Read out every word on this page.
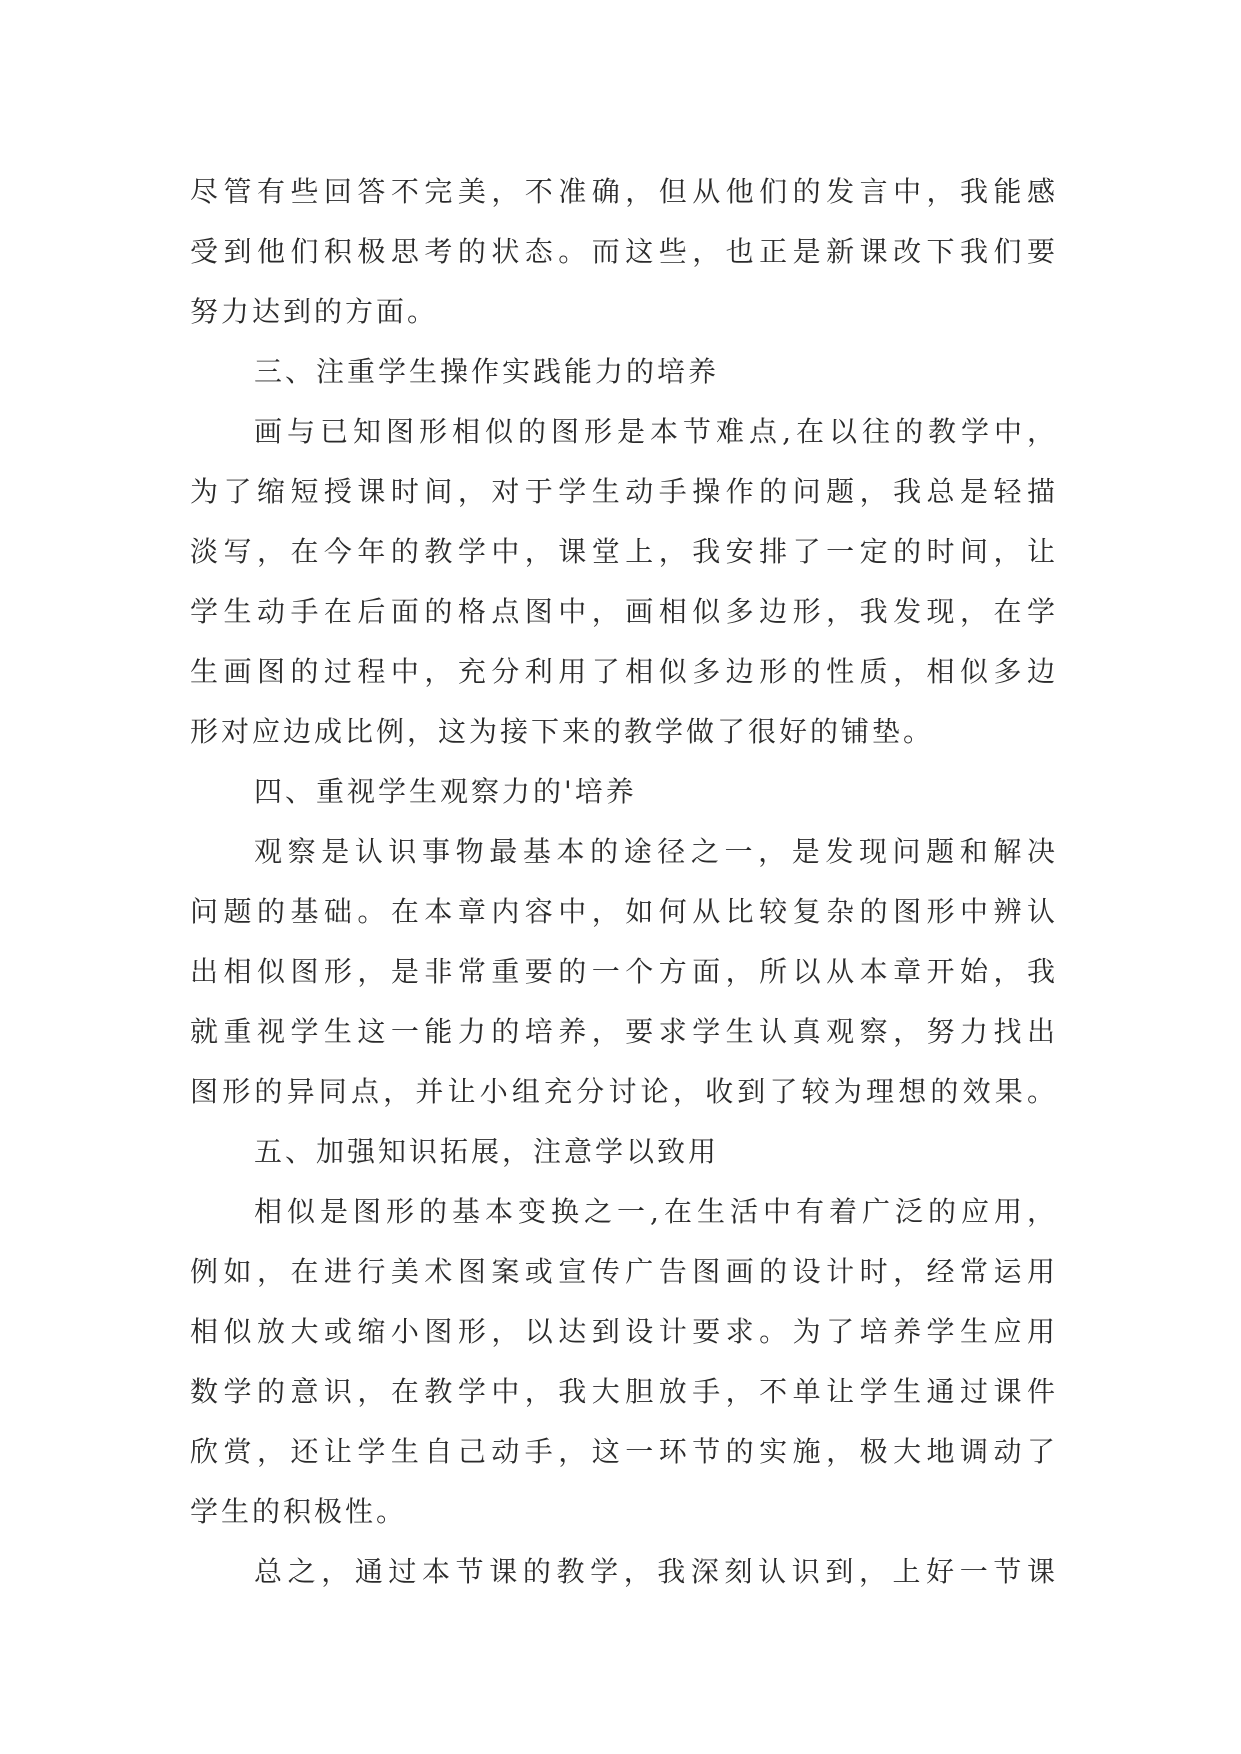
尽管有些回答不完美，不准确，但从他们的发言中，我能感
受到他们积极思考的状态。而这些，也正是新课改下我们要
努力达到的方面。
三、注重学生操作实践能力的培养
画与已知图形相似的图形是本节难点,在以往的教学中，
为了缩短授课时间，对于学生动手操作的问题，我总是轻描
淡写，在今年的教学中，课堂上，我安排了一定的时间，让
学生动手在后面的格点图中，画相似多边形，我发现，在学
生画图的过程中，充分利用了相似多边形的性质，相似多边
形对应边成比例，这为接下来的教学做了很好的铺垫。
四、重视学生观察力的'培养
观察是认识事物最基本的途径之一，是发现问题和解决
问题的基础。在本章内容中，如何从比较复杂的图形中辨认
出相似图形，是非常重要的一个方面，所以从本章开始，我
就重视学生这一能力的培养，要求学生认真观察，努力找出
图形的异同点，并让小组充分讨论，收到了较为理想的效果。
五、加强知识拓展，注意学以致用
相似是图形的基本变换之一,在生活中有着广泛的应用，
例如，在进行美术图案或宣传广告图画的设计时，经常运用
相似放大或缩小图形，以达到设计要求。为了培养学生应用
数学的意识，在教学中，我大胆放手，不单让学生通过课件
欣赏，还让学生自己动手，这一环节的实施，极大地调动了
学生的积极性。
总之，通过本节课的教学，我深刻认识到，上好一节课
